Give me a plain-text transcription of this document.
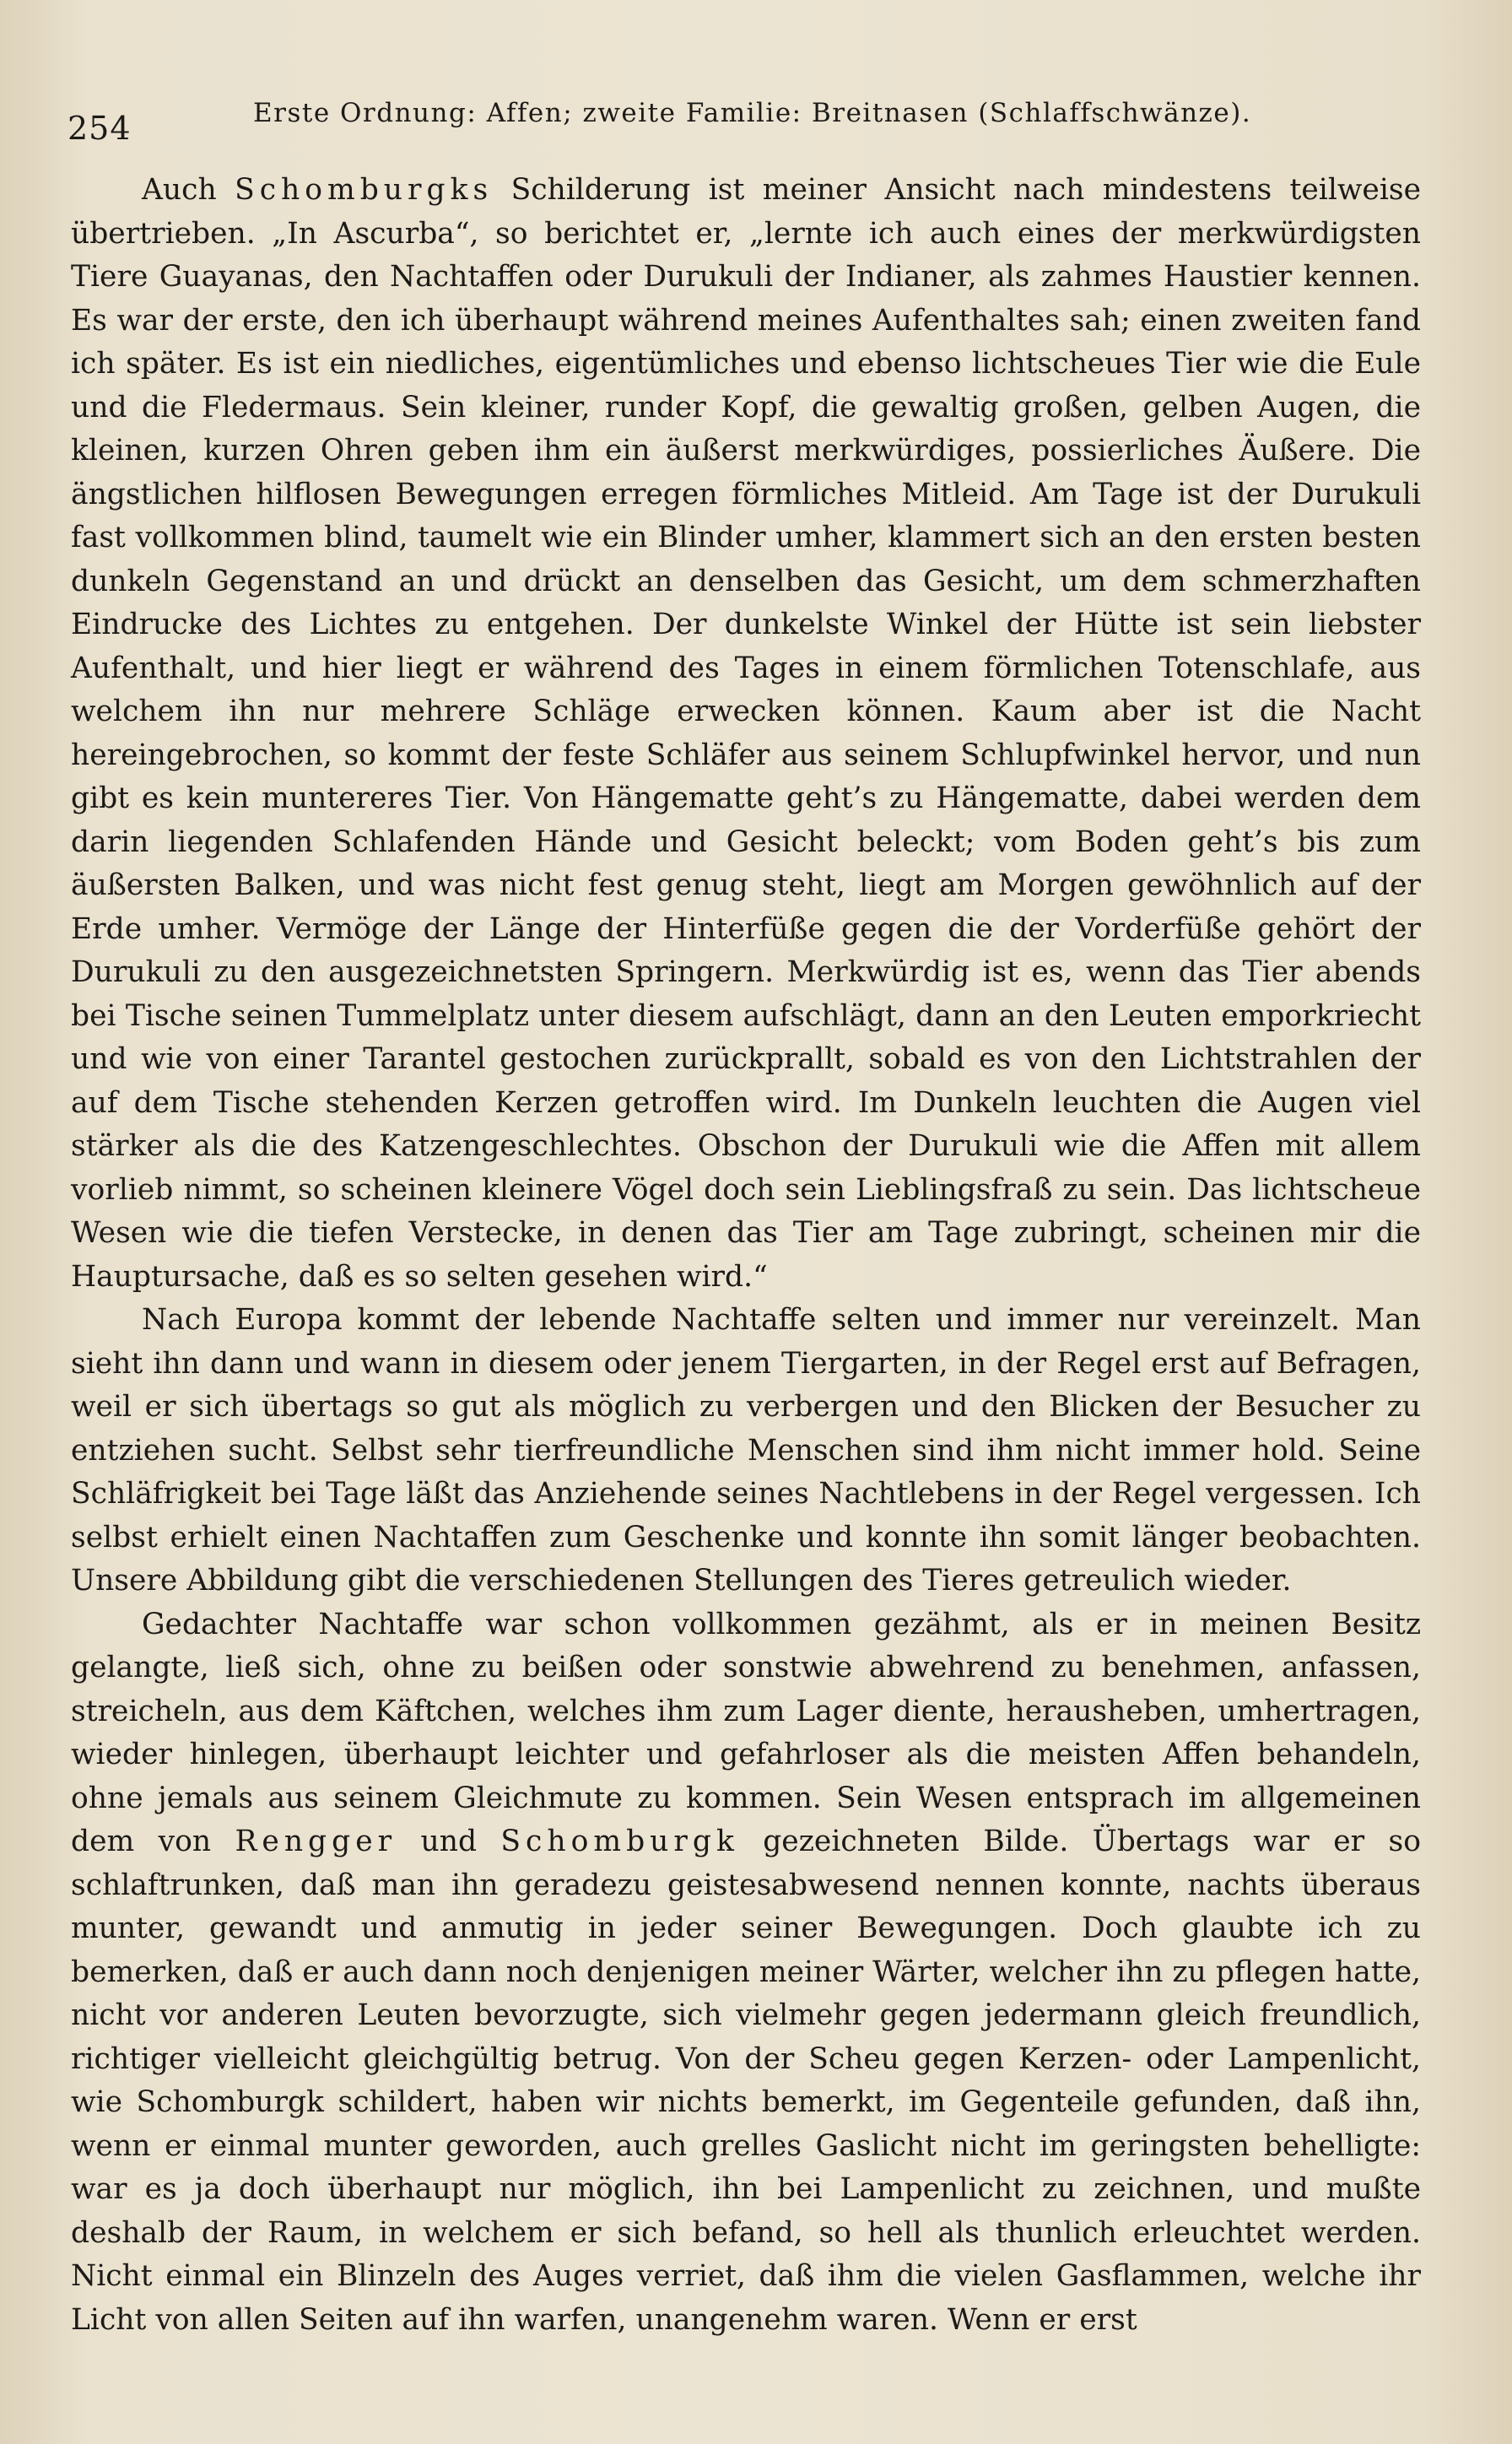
254	Erste Ordnung: Affen; zweite Familie: Breitnasen (Schlaffschwänze).

Auch Schomburgks Schilderung ist meiner Ansicht nach mindestens teilweise übertrieben. „In Ascurba“, so berichtet er, „lernte ich auch eines der merkwürdigsten Tiere Guayanas, den Nachtaffen oder Durukuli der Indianer, als zahmes Haustier kennen. Es war der erste, den ich überhaupt während meines Aufenthaltes sah; einen zweiten fand ich später. Es ist ein niedliches, eigentümliches und ebenso lichtscheues Tier wie die Eule und die Fledermaus. Sein kleiner, runder Kopf, die gewaltig großen, gelben Augen, die kleinen, kurzen Ohren geben ihm ein äußerst merkwürdiges, possierliches Äußere. Die ängstlichen hilflosen Bewegungen erregen förmliches Mitleid. Am Tage ist der Durukuli fast vollkommen blind, taumelt wie ein Blinder umher, klammert sich an den ersten besten dunkeln Gegenstand an und drückt an denselben das Gesicht, um dem schmerzhaften Eindrucke des Lichtes zu entgehen. Der dunkelste Winkel der Hütte ist sein liebster Aufenthalt, und hier liegt er während des Tages in einem förmlichen Totenschlafe, aus welchem ihn nur mehrere Schläge erwecken können. Kaum aber ist die Nacht hereingebrochen, so kommt der feste Schläfer aus seinem Schlupfwinkel hervor, und nun gibt es kein muntereres Tier. Von Hängematte geht’s zu Hängematte, dabei werden dem darin liegenden Schlafenden Hände und Gesicht beleckt; vom Boden geht’s bis zum äußersten Balken, und was nicht fest genug steht, liegt am Morgen gewöhnlich auf der Erde umher. Vermöge der Länge der Hinterfüße gegen die der Vorderfüße gehört der Durukuli zu den ausgezeichnetsten Springern. Merkwürdig ist es, wenn das Tier abends bei Tische seinen Tummelplatz unter diesem aufschlägt, dann an den Leuten emporkriecht und wie von einer Tarantel gestochen zurückprallt, sobald es von den Lichtstrahlen der auf dem Tische stehenden Kerzen getroffen wird. Im Dunkeln leuchten die Augen viel stärker als die des Katzengeschlechtes. Obschon der Durukuli wie die Affen mit allem vorlieb nimmt, so scheinen kleinere Vögel doch sein Lieblingsfraß zu sein. Das lichtscheue Wesen wie die tiefen Verstecke, in denen das Tier am Tage zubringt, scheinen mir die Hauptursache, daß es so selten gesehen wird.“

Nach Europa kommt der lebende Nachtaffe selten und immer nur vereinzelt. Man sieht ihn dann und wann in diesem oder jenem Tiergarten, in der Regel erst auf Befragen, weil er sich übertags so gut als möglich zu verbergen und den Blicken der Besucher zu entziehen sucht. Selbst sehr tierfreundliche Menschen sind ihm nicht immer hold. Seine Schläfrigkeit bei Tage läßt das Anziehende seines Nachtlebens in der Regel vergessen. Ich selbst erhielt einen Nachtaffen zum Geschenke und konnte ihn somit länger beobachten. Unsere Abbildung gibt die verschiedenen Stellungen des Tieres getreulich wieder.

Gedachter Nachtaffe war schon vollkommen gezähmt, als er in meinen Besitz gelangte, ließ sich, ohne zu beißen oder sonstwie abwehrend zu benehmen, anfassen, streicheln, aus dem Käftchen, welches ihm zum Lager diente, herausheben, umhertragen, wieder hinlegen, überhaupt leichter und gefahrloser als die meisten Affen behandeln, ohne jemals aus seinem Gleichmute zu kommen. Sein Wesen entsprach im allgemeinen dem von Rengger und Schomburgk gezeichneten Bilde. Übertags war er so schlaftrunken, daß man ihn geradezu geistesabwesend nennen konnte, nachts überaus munter, gewandt und anmutig in jeder seiner Bewegungen. Doch glaubte ich zu bemerken, daß er auch dann noch denjenigen meiner Wärter, welcher ihn zu pflegen hatte, nicht vor anderen Leuten bevorzugte, sich vielmehr gegen jedermann gleich freundlich, richtiger vielleicht gleichgültig betrug. Von der Scheu gegen Kerzen- oder Lampenlicht, wie Schomburgk schildert, haben wir nichts bemerkt, im Gegenteile gefunden, daß ihn, wenn er einmal munter geworden, auch grelles Gaslicht nicht im geringsten behelligte: war es ja doch überhaupt nur möglich, ihn bei Lampenlicht zu zeichnen, und mußte deshalb der Raum, in welchem er sich befand, so hell als thunlich erleuchtet werden. Nicht einmal ein Blinzeln des Auges verriet, daß ihm die vielen Gasflammen, welche ihr Licht von allen Seiten auf ihn warfen, unangenehm waren. Wenn er erst
